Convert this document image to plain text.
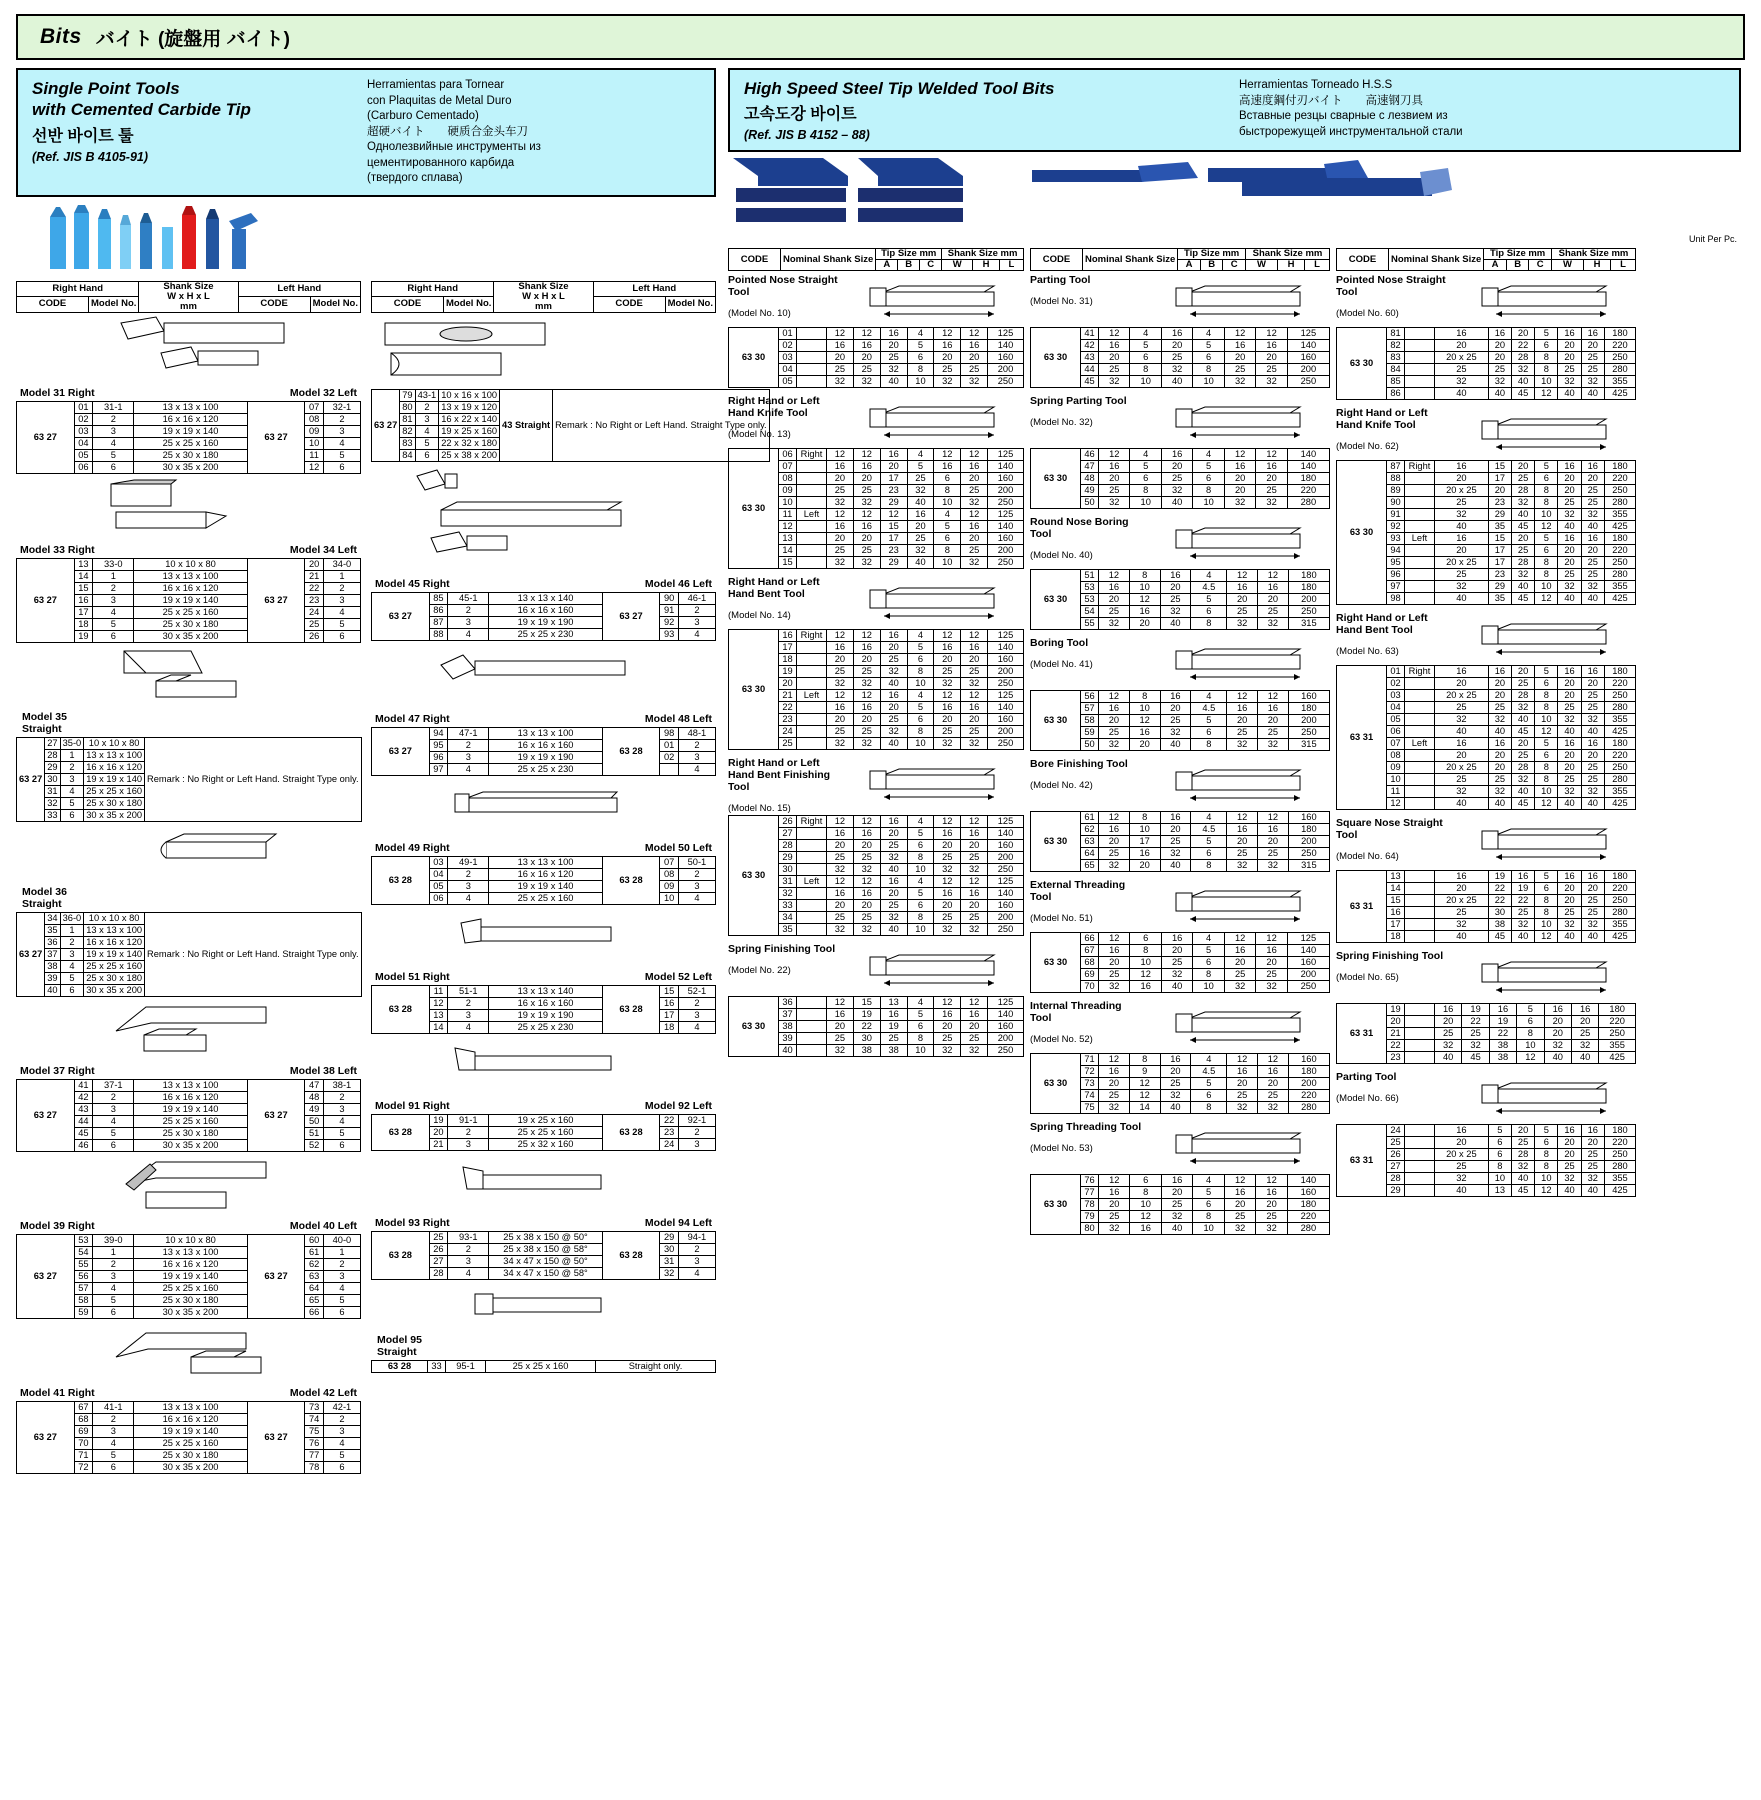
Bits バイト (旋盤用 バイト)
Single Point Tools
with Cemented Carbide Tip
선반 바이트 툴
(Ref. JIS B 4105-91)
Herramientas para Tornear
con Plaquitas de Metal Duro
(Carburo Cementado)
超硬バイト　　硬质合金头车刀
Однолезвийные инструменты из
цементированного карбида
(твердого сплава)
Right Hand		Shank Size
W x H x L
mm	Left Hand	
CODE	Model No.		CODE	Model No.
Model 31 Right	Model 32 Left
63 27	01	31-1	13 x 13 x 100	63 27	07	32-1
	02	2	16 x 16 x 120		08	2
	03	3	19 x 19 x 140		09	3
	04	4	25 x 25 x 160		10	4
	05	5	25 x 30 x 180		11	5
	06	6	30 x 35 x 200		12	6
Model 33 Right	Model 34 Left
63 27	13	33-0	10 x 10 x 80	63 27	20	34-0
	14	1	13 x 13 x 100		21	1
	15	2	16 x 16 x 120		22	2
	16	3	19 x 19 x 140		23	3
	17	4	25 x 25 x 160		24	4
	18	5	25 x 30 x 180		25	5
	19	6	30 x 35 x 200		26	6
Model 35
Straight
63 27	27	35-0	10 x 10 x 80	Remark : No Right or Left Hand. Straight Type only.
	28	1	13 x 13 x 100	
	29	2	16 x 16 x 120	
	30	3	19 x 19 x 140	
	31	4	25 x 25 x 160	
	32	5	25 x 30 x 180	
	33	6	30 x 35 x 200	
Model 36
Straight
63 27	34	36-0	10 x 10 x 80	Remark : No Right or Left Hand. Straight Type only.
	35	1	13 x 13 x 100	
	36	2	16 x 16 x 120	
	37	3	19 x 19 x 140	
	38	4	25 x 25 x 160	
	39	5	25 x 30 x 180	
	40	6	30 x 35 x 200	
Model 37 Right	Model 38 Left
63 27	41	37-1	13 x 13 x 100	63 27	47	38-1
	42	2	16 x 16 x 120		48	2
	43	3	19 x 19 x 140		49	3
	44	4	25 x 25 x 160		50	4
	45	5	25 x 30 x 180		51	5
	46	6	30 x 35 x 200		52	6
Model 39 Right	Model 40 Left
63 27	53	39-0	10 x 10 x 80	63 27	60	40-0
	54	1	13 x 13 x 100		61	1
	55	2	16 x 16 x 120		62	2
	56	3	19 x 19 x 140		63	3
	57	4	25 x 25 x 160		64	4
	58	5	25 x 30 x 180		65	5
	59	6	30 x 35 x 200		66	6
Model 41 Right	Model 42 Left
63 27	67	41-1	13 x 13 x 100	63 27	73	42-1
	68	2	16 x 16 x 120		74	2
	69	3	19 x 19 x 140		75	3
	70	4	25 x 25 x 160		76	4
	71	5	25 x 30 x 180		77	5
	72	6	30 x 35 x 200		78	6
Right Hand		Shank Size
W x H x L
mm	Left Hand	
CODE	Model No.		CODE	Model No.
63 27	79	43-1	10 x 16 x 100	43 Straight	Remark : No Right or Left Hand. Straight Type only.
	80	2	13 x 19 x 120		
	81	3	16 x 22 x 140		
	82	4	19 x 25 x 160		
	83	5	22 x 32 x 180		
	84	6	25 x 38 x 200		
Model 45 Right	Model 46 Left
63 27	85	45-1	13 x 13 x 140	63 27	90	46-1
	86	2	16 x 16 x 160		91	2
	87	3	19 x 19 x 190		92	3
	88	4	25 x 25 x 230		93	4
Model 47 Right	Model 48 Left
63 27	94	47-1	13 x 13 x 100	63 28	98	48-1
	95	2	16 x 16 x 160		01	2
	96	3	19 x 19 x 190		02	3
	97	4	25 x 25 x 230			4
Model 49 Right	Model 50 Left
63 28	03	49-1	13 x 13 x 100	63 28	07	50-1
	04	2	16 x 16 x 120		08	2
	05	3	19 x 19 x 140		09	3
	06	4	25 x 25 x 160		10	4
Model 51 Right	Model 52 Left
63 28	11	51-1	13 x 13 x 140	63 28	15	52-1
	12	2	16 x 16 x 160		16	2
	13	3	19 x 19 x 190		17	3
	14	4	25 x 25 x 230		18	4
Model 91 Right	Model 92 Left
63 28	19	91-1	19 x 25 x 160	63 28	22	92-1
	20	2	25 x 25 x 160		23	2
	21	3	25 x 32 x 160		24	3
Model 93 Right	Model 94 Left
63 28	25	93-1	25 x 38 x 150 @ 50°	63 28	29	94-1
	26	2	25 x 38 x 150 @ 58°		30	2
	27	3	34 x 47 x 150 @ 50°		31	3
	28	4	34 x 47 x 150 @ 58°		32	4
Model 95
Straight
63 28	33	95-1	25 x 25 x 160	Straight only.
High Speed Steel Tip Welded Tool Bits
고속도강 바이트
(Ref. JIS B 4152 – 88)
Herramientas Torneado H.S.S
高速度鋼付刃バイト　　高速钢刀具
Вставные резцы сварные с лезвием из
быстрорежущей инструментальной стали
Unit Per Pc.
CODE	Nominal Shank Size	Tip Size mm			Shank Size mm		
		A	B	C	W	H	L
Pointed Nose Straight Tool
(Model No. 10)
63 30	01		12	12	16	4	12	12	125
	02		16	16	20	5	16	16	140
	03		20	20	25	6	20	20	160
	04		25	25	32	8	25	25	200
	05		32	32	40	10	32	32	250
Right Hand or Left Hand Knife Tool
(Model No. 13)
63 30	06	Right	12	12	16	4	12	12	125
	07		16	16	20	5	16	16	140
	08		20	20	17	25	6	20	160
	09		25	25	23	32	8	25	200
	10		32	32	29	40	10	32	250
	11	Left	12	12	12	16	4	12	125
	12		16	16	15	20	5	16	140
	13		20	20	17	25	6	20	160
	14		25	25	23	32	8	25	200
	15		32	32	29	40	10	32	250
Right Hand or Left Hand Bent Tool
(Model No. 14)
63 30	16	Right	12	12	16	4	12	12	125
	17		16	16	20	5	16	16	140
	18		20	20	25	6	20	20	160
	19		25	25	32	8	25	25	200
	20		32	32	40	10	32	32	250
	21	Left	12	12	16	4	12	12	125
	22		16	16	20	5	16	16	140
	23		20	20	25	6	20	20	160
	24		25	25	32	8	25	25	200
	25		32	32	40	10	32	32	250
Right Hand or Left Hand Bent Finishing Tool
(Model No. 15)
63 30	26	Right	12	12	16	4	12	12	125
	27		16	16	20	5	16	16	140
	28		20	20	25	6	20	20	160
	29		25	25	32	8	25	25	200
	30		32	32	40	10	32	32	250
	31	Left	12	12	16	4	12	12	125
	32		16	16	20	5	16	16	140
	33		20	20	25	6	20	20	160
	34		25	25	32	8	25	25	200
	35		32	32	40	10	32	32	250
Spring Finishing Tool
(Model No. 22)
63 30	36		12	15	13	4	12	12	125
	37		16	19	16	5	16	16	140
	38		20	22	19	6	20	20	160
	39		25	30	25	8	25	25	200
	40		32	38	38	10	32	32	250
CODE	Nominal Shank Size	Tip Size mm			Shank Size mm		
		A	B	C	W	H	L
Parting Tool
(Model No. 31)
63 30	41	12	4	16	4	12	12	125
	42	16	5	20	5	16	16	140
	43	20	6	25	6	20	20	160
	44	25	8	32	8	25	25	200
	45	32	10	40	10	32	32	250
Spring Parting Tool
(Model No. 32)
63 30	46	12	4	16	4	12	12	140
	47	16	5	20	5	16	16	140
	48	20	6	25	6	20	20	180
	49	25	8	32	8	20	25	220
	50	32	10	40	10	32	32	280
Round Nose Boring Tool
(Model No. 40)
63 30	51	12	8	16	4	12	12	180
	53	16	10	20	4.5	16	16	180
	53	20	12	25	5	20	20	200
	54	25	16	32	6	25	25	250
	55	32	20	40	8	32	32	315
Boring Tool
(Model No. 41)
63 30	56	12	8	16	4	12	12	160
	57	16	10	20	4.5	16	16	180
	58	20	12	25	5	20	20	200
	59	25	16	32	6	25	25	250
	50	32	20	40	8	32	32	315
Bore Finishing Tool
(Model No. 42)
63 30	61	12	8	16	4	12	12	160
	62	16	10	20	4.5	16	16	180
	63	20	17	25	5	20	20	200
	64	25	16	32	6	25	25	250
	65	32	20	40	8	32	32	315
External Threading Tool
(Model No. 51)
63 30	66	12	6	16	4	12	12	125
	67	16	8	20	5	16	16	140
	68	20	10	25	6	20	20	160
	69	25	12	32	8	25	25	200
	70	32	16	40	10	32	32	250
Internal Threading Tool
(Model No. 52)
63 30	71	12	8	16	4	12	12	160
	72	16	9	20	4.5	16	16	180
	73	20	12	25	5	20	20	200
	74	25	12	32	6	25	25	220
	75	32	14	40	8	32	32	280
Spring Threading Tool
(Model No. 53)
63 30	76	12	6	16	4	12	12	140
	77	16	8	20	5	16	16	160
	78	20	10	25	6	20	20	180
	79	25	12	32	8	25	25	220
	80	32	16	40	10	32	32	280
CODE	Nominal Shank Size	Tip Size mm			Shank Size mm		
		A	B	C	W	H	L
Pointed Nose Straight Tool
(Model No. 60)
63 30	81		16	16	20	5	16	16	180
	82		20	20	22	6	20	20	220
	83		20 x 25	20	28	8	20	25	250
	84		25	25	32	8	25	25	280
	85		32	32	40	10	32	32	355
	86		40	40	45	12	40	40	425
Right Hand or Left Hand Knife Tool
(Model No. 62)
63 30	87	Right	16	15	20	5	16	16	180
	88		20	17	25	6	20	20	220
	89		20 x 25	20	28	8	20	25	250
	90		25	23	32	8	25	25	280
	91		32	29	40	10	32	32	355
	92		40	35	45	12	40	40	425
	93	Left	16	15	20	5	16	16	180
	94		20	17	25	6	20	20	220
	95		20 x 25	17	28	8	20	25	250
	96		25	23	32	8	25	25	280
	97		32	29	40	10	32	32	355
	98		40	35	45	12	40	40	425
Right Hand or Left Hand Bent Tool
(Model No. 63)
63 31	01	Right	16	16	20	5	16	16	180
	02		20	20	25	6	20	20	220
	03		20 x 25	20	28	8	20	25	250
	04		25	25	32	8	25	25	280
	05		32	32	40	10	32	32	355
	06		40	40	45	12	40	40	425
	07	Left	16	16	20	5	16	16	180
	08		20	20	25	6	20	20	220
	09		20 x 25	20	28	8	20	25	250
	10		25	25	32	8	25	25	280
	11		32	32	40	10	32	32	355
	12		40	40	45	12	40	40	425
Square Nose Straight Tool
(Model No. 64)
63 31	13		16	19	16	5	16	16	180
	14		20	22	19	6	20	20	220
	15		20 x 25	22	22	8	20	25	250
	16		25	30	25	8	25	25	280
	17		32	38	32	10	32	32	355
	18		40	45	40	12	40	40	425
Spring Finishing Tool
(Model No. 65)
63 31	19		16	19	16	5	16	16	180
	20		20	22	19	6	20	20	220
	21		25	25	22	8	20	25	250
	22		32	32	38	10	32	32	355
	23		40	45	38	12	40	40	425
Parting Tool
(Model No. 66)
63 31	24		16	5	20	5	16	16	180
	25		20	6	25	6	20	20	220
	26		20 x 25	6	28	8	20	25	250
	27		25	8	32	8	25	25	280
	28		32	10	40	10	32	32	355
	29		40	13	45	12	40	40	425
